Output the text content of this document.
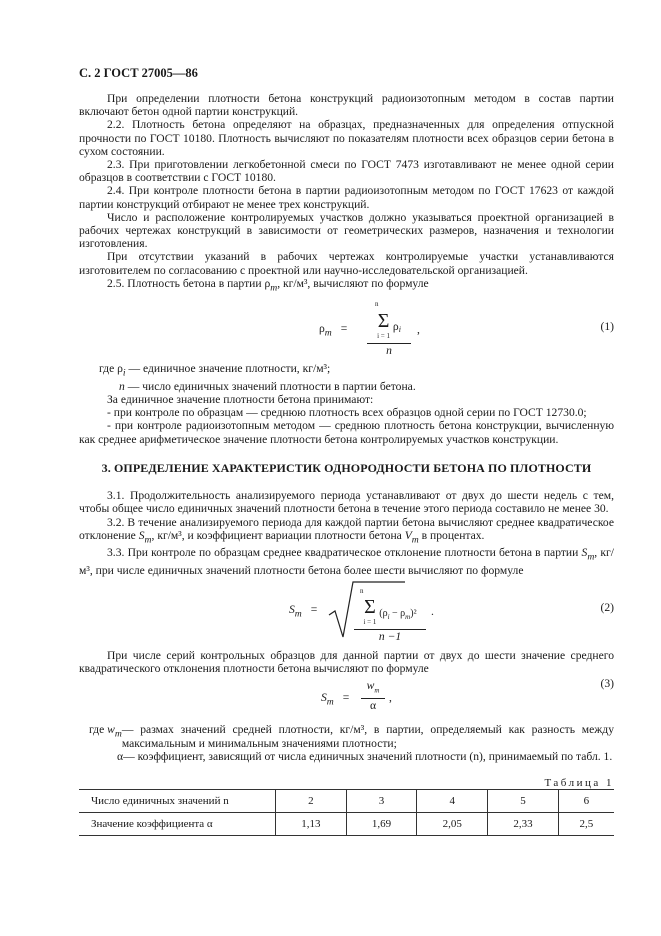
С. 2 ГОСТ 27005—86

При определении плотности бетона конструкций радиоизотопным методом в состав партии включают бетон одной партии конструкций.

2.2. Плотность бетона определяют на образцах, предназначенных для определения отпускной прочности по ГОСТ 10180. Плотность вычисляют по показателям плотности всех образцов серии бетона в сухом состоянии.

2.3. При приготовлении легкобетонной смеси по ГОСТ 7473 изготавливают не менее одной серии образцов в соответствии с ГОСТ 10180.

2.4. При контроле плотности бетона в партии радиоизотопным методом по ГОСТ 17623 от каждой партии конструкций отбирают не менее трех конструкций.

Число и расположение контролируемых участков должно указываться проектной организацией в рабочих чертежах конструкций в зависимости от геометрических размеров, назначения и технологии изготовления.

При отсутствии указаний в рабочих чертежах контролируемые участки устанавливаются изготовителем по согласованию с проектной или научно-исследовательской организацией.

2.5. Плотность бетона в партии $\rho_m$, кг/м³, вычисляют по формуле

$\rho_m$ =
n
Σ
i = 1
$\rho_i$
n
,	(1)

где $\rho_i$ — единичное значение плотности, кг/м³;

n — число единичных значений плотности в партии бетона.

За единичное значение плотности бетона принимают:

- при контроле по образцам — среднюю плотность всех образцов одной серии по ГОСТ 12730.0;

- при контроле радиоизотопным методом — среднюю плотность бетона конструкции, вычисленную как среднее арифметическое значение плотности бетона контролируемых участков конструкции.

3. ОПРЕДЕЛЕНИЕ ХАРАКТЕРИСТИК ОДНОРОДНОСТИ БЕТОНА ПО ПЛОТНОСТИ

3.1. Продолжительность анализируемого периода устанавливают от двух до шести недель с тем, чтобы общее число единичных значений плотности бетона в течение этого периода составило не менее 30.

3.2. В течение анализируемого периода для каждой партии бетона вычисляют среднее квадратическое отклонение $S_m$, кг/м³, и коэффициент вариации плотности бетона $V_m$ в процентах.

3.3. При контроле по образцам среднее квадратическое отклонение плотности бетона в партии $S_m$, кг/м³, при числе единичных значений плотности бетона более шести вычисляют по формуле

$S_m$ =
n
Σ
i = 1
$(\rho_i - \rho_m)^2$
n −1
.	(2)

При числе серий контрольных образцов для данной партии от двух до шести значение среднего квадратического отклонения плотности бетона вычисляют по формуле

$S_m = \frac{w_m}{\alpha}$ ,
(3)
где $w_m$ — размах значений средней плотности, кг/м³, в партии, определяемый как разность между максимальным и минимальным значениями плотности;
α — коэффициент, зависящий от числа единичных значений плотности (n), принимаемый по табл. 1.
Таблица 1
Число единичных значений n	2	3	4	5	6
Значение коэффициента α	1,13	1,69	2,05	2,33	2,5
